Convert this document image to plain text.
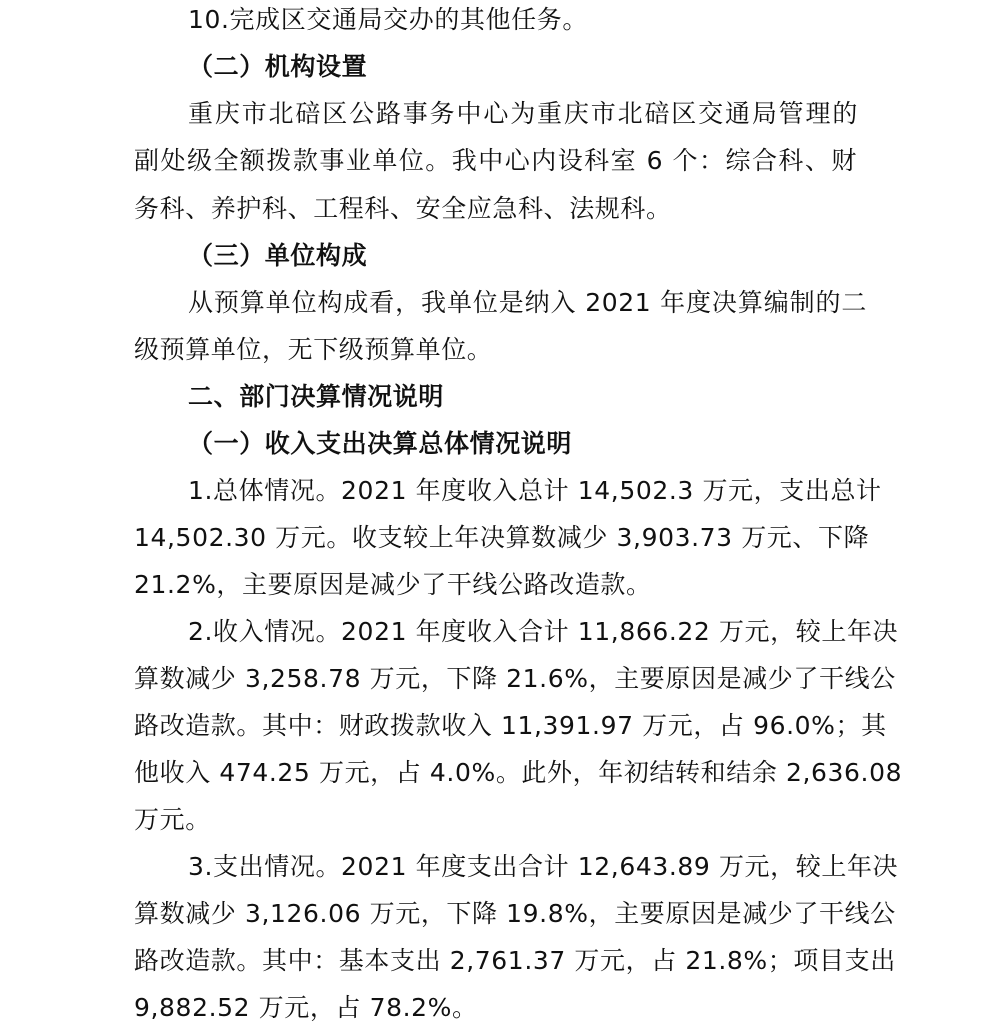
10.完成区交通局交办的其他任务。
（二）机构设置
重庆市北碚区公路事务中心为重庆市北碚区交通局管理的
副处级全额拨款事业单位。我中心内设科室 6 个：综合科、财
务科、养护科、工程科、安全应急科、法规科。
（三）单位构成
从预算单位构成看，我单位是纳入 2021 年度决算编制的二
级预算单位，无下级预算单位。
二、部门决算情况说明
（一）收入支出决算总体情况说明
1.总体情况。2021 年度收入总计 14,502.3 万元，支出总计
14,502.30 万元。收支较上年决算数减少 3,903.73 万元、下降
21.2%，主要原因是减少了干线公路改造款。
2.收入情况。2021 年度收入合计 11,866.22 万元，较上年决
算数减少 3,258.78 万元，下降 21.6%，主要原因是减少了干线公
路改造款。其中：财政拨款收入 11,391.97 万元，占 96.0%；其
他收入 474.25 万元，占 4.0%。此外，年初结转和结余 2,636.08
万元。
3.支出情况。2021 年度支出合计 12,643.89 万元，较上年决
算数减少 3,126.06 万元，下降 19.8%，主要原因是减少了干线公
路改造款。其中：基本支出 2,761.37 万元，占 21.8%；项目支出
9,882.52 万元，占 78.2%。
